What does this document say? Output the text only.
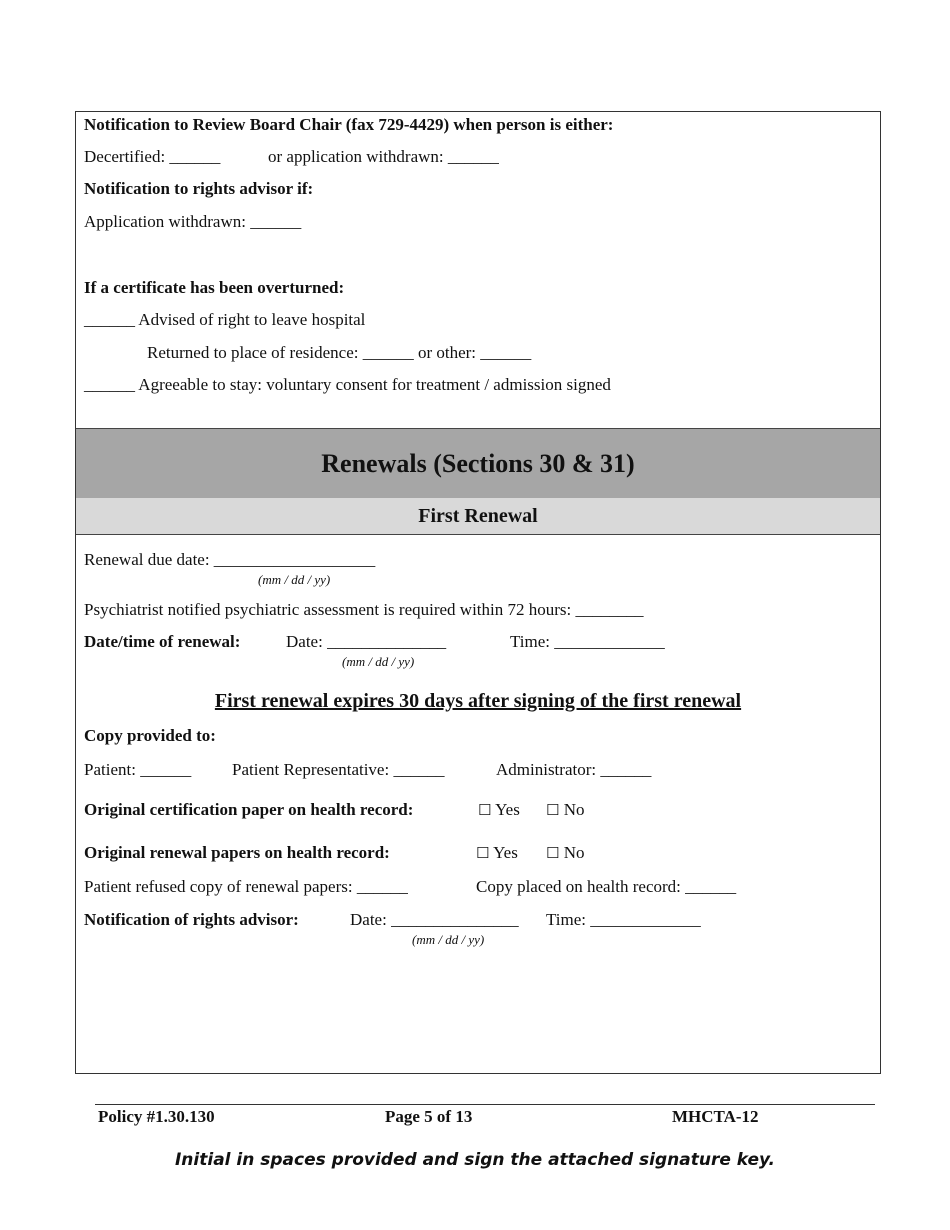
Notification to Review Board Chair (fax 729-4429) when person is either:
Decertified: ______	or application withdrawn: ______
Notification to rights advisor if:
Application withdrawn: ______
If a certificate has been overturned:
______ Advised of right to leave hospital
Returned to place of residence: ______ or other: ______
______ Agreeable to stay: voluntary consent for treatment / admission signed
Renewals (Sections 30 & 31)
First Renewal
Renewal due date: ___________________
(mm / dd / yy)
Psychiatrist notified psychiatric assessment is required within 72 hours: ________
Date/time of renewal:	Date: ______________	Time: _____________
(mm / dd / yy)
First renewal expires 30 days after signing of the first renewal
Copy provided to:
Patient: ______ Patient Representative: ______	Administrator: ______
Original certification paper on health record:	☐ Yes ☐ No
Original renewal papers on health record:	☐ Yes ☐ No
Patient refused copy of renewal papers: ______	Copy placed on health record: ______
Notification of rights advisor:	Date: _______________ Time: _____________
(mm / dd / yy)
Policy #1.30.130	Page 5 of 13	MHCTA-12
Initial in spaces provided and sign the attached signature key.
